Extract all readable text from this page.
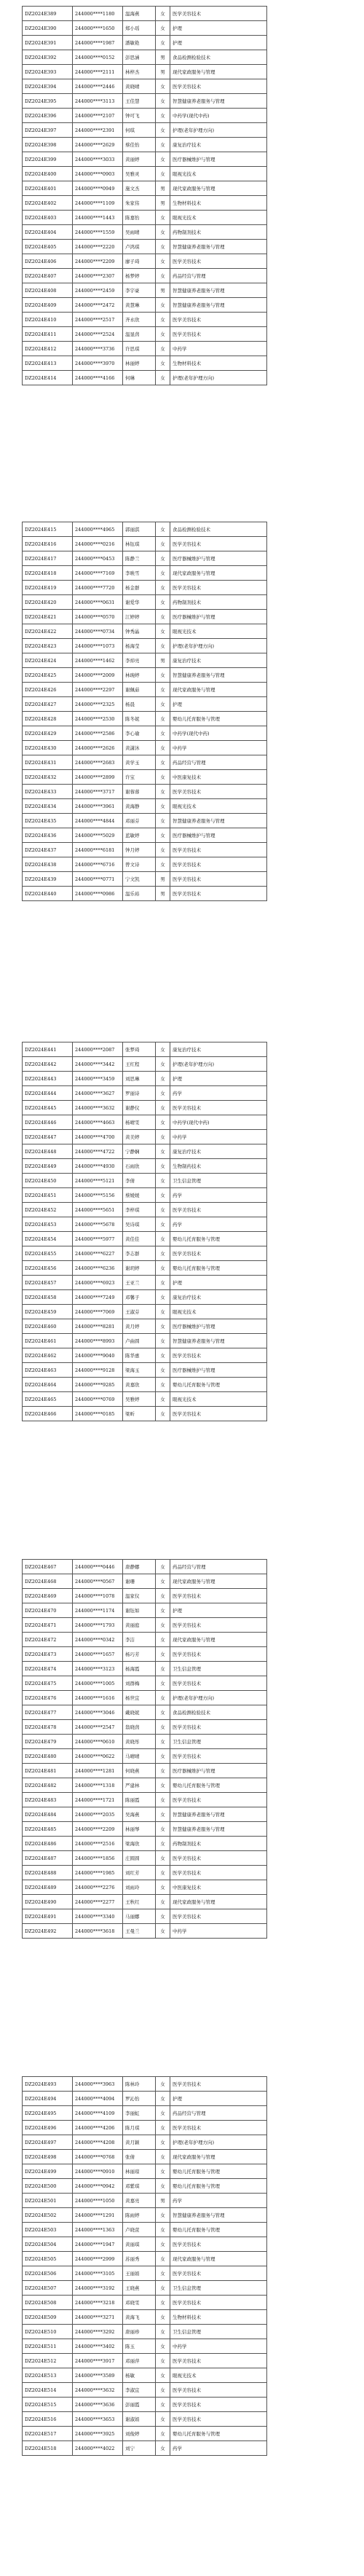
DZ2024E389	244000****1180	温海燕	女	医学美容技术
DZ2024E390	244000****1650	郑小瑶	女	护理
DZ2024E391	244000****1987	潘敏艳	女	护理
DZ2024E392	244000****0152	彭思涵	男	食品检测检验技术
DZ2024E393	244000****2111	林梓杰	男	现代家政服务与管理
DZ2024E394	244000****2446	黄晓晴	女	医学美容技术
DZ2024E395	244000****3113	王佳慧	女	智慧健康养老服务与管理
DZ2024E396	244000****2107	钟可飞	女	中药学(现代中药)
DZ2024E397	244000****2391	何琪	女	护理(老年护理方向)
DZ2024E398	244000****2629	蔡佳怡	女	康复治疗技术
DZ2024E399	244000****3033	黄丽婷	女	医疗器械维护与管理
DZ2024E400	244000****0903	吴雅灵	女	眼视光技术
DZ2024E401	244000****0949	施文杰	男	现代家政服务与管理
DZ2024E402	244000****1109	朱家伟	男	生物材料技术
DZ2024E403	244000****1443	陈嘉怡	女	眼视光技术
DZ2024E404	244000****1559	吴雨晴	女	药物制剂技术
DZ2024E405	244000****2220	卢鸿琪	女	智慧健康养老服务与管理
DZ2024E406	244000****2209	廖子琦	女	医学美容技术
DZ2024E407	244000****2307	杨梦婷	女	药品经营与管理
DZ2024E408	244000****2459	李宇豪	男	智慧健康养老服务与管理
DZ2024E409	244000****2472	黄慧琳	女	智慧健康养老服务与管理
DZ2024E410	244000****2517	齐永欣	女	医学美容技术
DZ2024E411	244000****2524	温显茵	女	医学美容技术
DZ2024E412	244000****3736	许思琪	女	中药学
DZ2024E413	244000****3970	林丽婷	女	生物材料技术
DZ2024E414	244000****4166	何琳	女	护理(老年护理方向)
DZ2024E415	244000****4965	郭丽淇	女	食品检测检验技术
DZ2024E416	244000****0216	林钰琪	女	医学美容技术
DZ2024E417	244000****0453	陈静兰	女	医疗器械维护与管理
DZ2024E418	244000****7169	李映雪	女	现代家政服务与管理
DZ2024E419	244000****7720	杨金群	女	医学美容技术
DZ2024E420	244000****0631	谢爱华	女	药物制剂技术
DZ2024E421	244000****0570	江婷婷	女	医疗器械维护与管理
DZ2024E422	244000****0734	钟秀晶	女	眼视光技术
DZ2024E423	244000****1073	杨海莹	女	护理(老年护理方向)
DZ2024E424	244000****1462	李焯亮	男	康复治疗技术
DZ2024E425	244000****2009	林琬婷	女	智慧健康养老服务与管理
DZ2024E426	244000****2297	谢佩茹	女	现代家政服务与管理
DZ2024E427	244000****2325	杨晨	女	护理
DZ2024E428	244000****2530	陈冬妮	女	婴幼儿托育服务与管理
DZ2024E429	244000****2586	李心瑜	女	中药学(现代中药)
DZ2024E430	244000****2626	黄潇沐	女	中药学
DZ2024E431	244000****2683	黄学玉	女	药品经营与管理
DZ2024E432	244000****2899	许宝	女	中医康复技术
DZ2024E433	244000****3717	谢蓉蓉	女	医学美容技术
DZ2024E434	244000****3961	黄海静	女	眼视光技术
DZ2024E435	244000****4844	邓丽芬	女	智慧健康养老服务与管理
DZ2024E436	244000****5029	蓝敏婷	女	医疗器械维护与管理
DZ2024E437	244000****6181	钟月婷	女	医学美容技术
DZ2024E438	244000****6716	曾文诗	女	医学美容技术
DZ2024E439	244000****0771	宁文凯	男	医学美容技术
DZ2024E440	244000****0986	温乐裕	男	医学美容技术
DZ2024E441	244000****2087	张梦琦	女	康复治疗技术
DZ2024E442	244000****3442	王红程	女	护理(老年护理方向)
DZ2024E443	244000****3459	刘思琳	女	护理
DZ2024E444	244000****3627	罗丽诗	女	药学
DZ2024E445	244000****3632	谢静仪	女	医学美容技术
DZ2024E446	244000****4663	杨晴雯	女	中药学(现代中药)
DZ2024E447	244000****4700	黄美婷	女	中药学
DZ2024E448	244000****4722	宁静娴	女	康复治疗技术
DZ2024E449	244000****4930	石雨欣	女	生物制药技术
DZ2024E450	244000****5121	李倩	女	卫生信息管理
DZ2024E451	244000****5156	蔡媛媛	女	药学
DZ2024E452	244000****5651	李梓琪	女	医学美容技术
DZ2024E453	244000****5678	吴诗琪	女	药学
DZ2024E454	244000****5977	黄佳佳	女	婴幼儿托育服务与管理
DZ2024E455	244000****6227	李志群	女	医学美容技术
DZ2024E456	244000****6236	谢玥婷	女	婴幼儿托育服务与管理
DZ2024E457	244000****6923	王亚兰	女	护理
DZ2024E458	244000****7249	邓馨子	女	康复治疗技术
DZ2024E459	244000****7069	王淑芬	女	眼视光技术
DZ2024E460	244000****8281	黄月婷	女	医疗器械维护与管理
DZ2024E461	244000****8993	卢曲圆	女	智慧健康养老服务与管理
DZ2024E462	244000****9040	陈华惠	女	医学美容技术
DZ2024E463	244000****9128	梁海玉	女	医疗器械维护与管理
DZ2024E464	244000****9285	黄嘉欣	女	婴幼儿托育服务与管理
DZ2024E465	244000****0769	吴雅婷	女	眼视光技术
DZ2024E466	244000****0185	梁昕	女	医学美容技术
DZ2024E467	244000****0446	唐静娜	女	药品经营与管理
DZ2024E468	244000****0567	谢珊	女	现代家政服务与管理
DZ2024E469	244000****1078	温家仪	女	医学美容技术
DZ2024E470	244000****1174	谢钰如	女	护理
DZ2024E471	244000****1793	黄丽庭	女	医学美容技术
DZ2024E472	244000****0342	李洁	女	现代家政服务与管理
DZ2024E473	244000****1657	杨巧芳	女	医学美容技术
DZ2024E474	244000****3123	杨海霞	女	卫生信息管理
DZ2024E475	244000****1005	刘群梅	女	医学美容技术
DZ2024E476	244000****1616	杨世宜	女	护理(老年护理方向)
DZ2024E477	244000****3046	戴晓妮	女	食品检测检验技术
DZ2024E478	244000****2547	翁晓茵	女	医学美容技术
DZ2024E479	244000****0610	黄晓彤	女	卫生信息管理
DZ2024E480	244000****0622	马晴晴	女	医学美容技术
DZ2024E481	244000****1281	何晓燕	女	医疗器械维护与管理
DZ2024E482	244000****1318	严建林	女	婴幼儿托育服务与管理
DZ2024E483	244000****1721	陈丽霞	女	医学美容技术
DZ2024E484	244000****2035	吴海燕	女	智慧健康养老服务与管理
DZ2024E485	244000****2209	林丽琴	女	智慧健康养老服务与管理
DZ2024E486	244000****2516	梁海欣	女	药物制剂技术
DZ2024E487	244000****1856	庄圆圆	女	医学美容技术
DZ2024E488	244000****1985	刘红芳	女	医学美容技术
DZ2024E489	244000****2276	刘雨玲	女	中医康复技术
DZ2024E490	244000****2277	王秋红	女	现代家政服务与管理
DZ2024E491	244000****3340	马丽娜	女	医学美容技术
DZ2024E492	244000****3618	王曼兰	女	中药学
DZ2024E493	244000****3963	陈林玲	女	医学美容技术
DZ2024E494	244000****4094	罗沁怡	女	护理
DZ2024E495	244000****4109	李丽虹	女	药品经营与管理
DZ2024E496	244000****4206	陈月琪	女	医学美容技术
DZ2024E497	244000****4208	黄月颖	女	护理(老年护理方向)
DZ2024E498	244000****0768	张倩	女	现代家政服务与管理
DZ2024E499	244000****0910	林丽琼	女	婴幼儿托育服务与管理
DZ2024E500	244000****0942	邓紫琪	女	婴幼儿托育服务与管理
DZ2024E501	244000****1050	黄嘉亮	男	药学
DZ2024E502	244000****1291	陈雨婷	女	智慧健康养老服务与管理
DZ2024E503	244000****1363	卢晓萱	女	婴幼儿托育服务与管理
DZ2024E504	244000****1947	黄丽琪	女	医学美容技术
DZ2024E505	244000****2999	苏丽秀	女	现代家政服务与管理
DZ2024E506	244000****3105	王丽娟	女	医学美容技术
DZ2024E507	244000****3192	王晓燕	女	卫生信息管理
DZ2024E508	244000****3218	邓晓雯	女	医学美容技术
DZ2024E509	244000****3271	黄海飞	女	生物材料技术
DZ2024E510	244000****3292	唐丽珍	女	卫生信息管理
DZ2024E511	244000****3402	陈玉	女	中药学
DZ2024E512	244000****3917	邓丽萍	女	医学美容技术
DZ2024E513	244000****3589	杨敏	女	眼视光技术
DZ2024E514	244000****3632	李淑宜	女	医学美容技术
DZ2024E515	244000****3636	彭丽霞	女	医学美容技术
DZ2024E516	244000****3653	谢淑娟	女	医学美容技术
DZ2024E517	244000****3925	刘俊婷	女	婴幼儿托育服务与管理
DZ2024E518	244000****4022	刘宁	女	药学
